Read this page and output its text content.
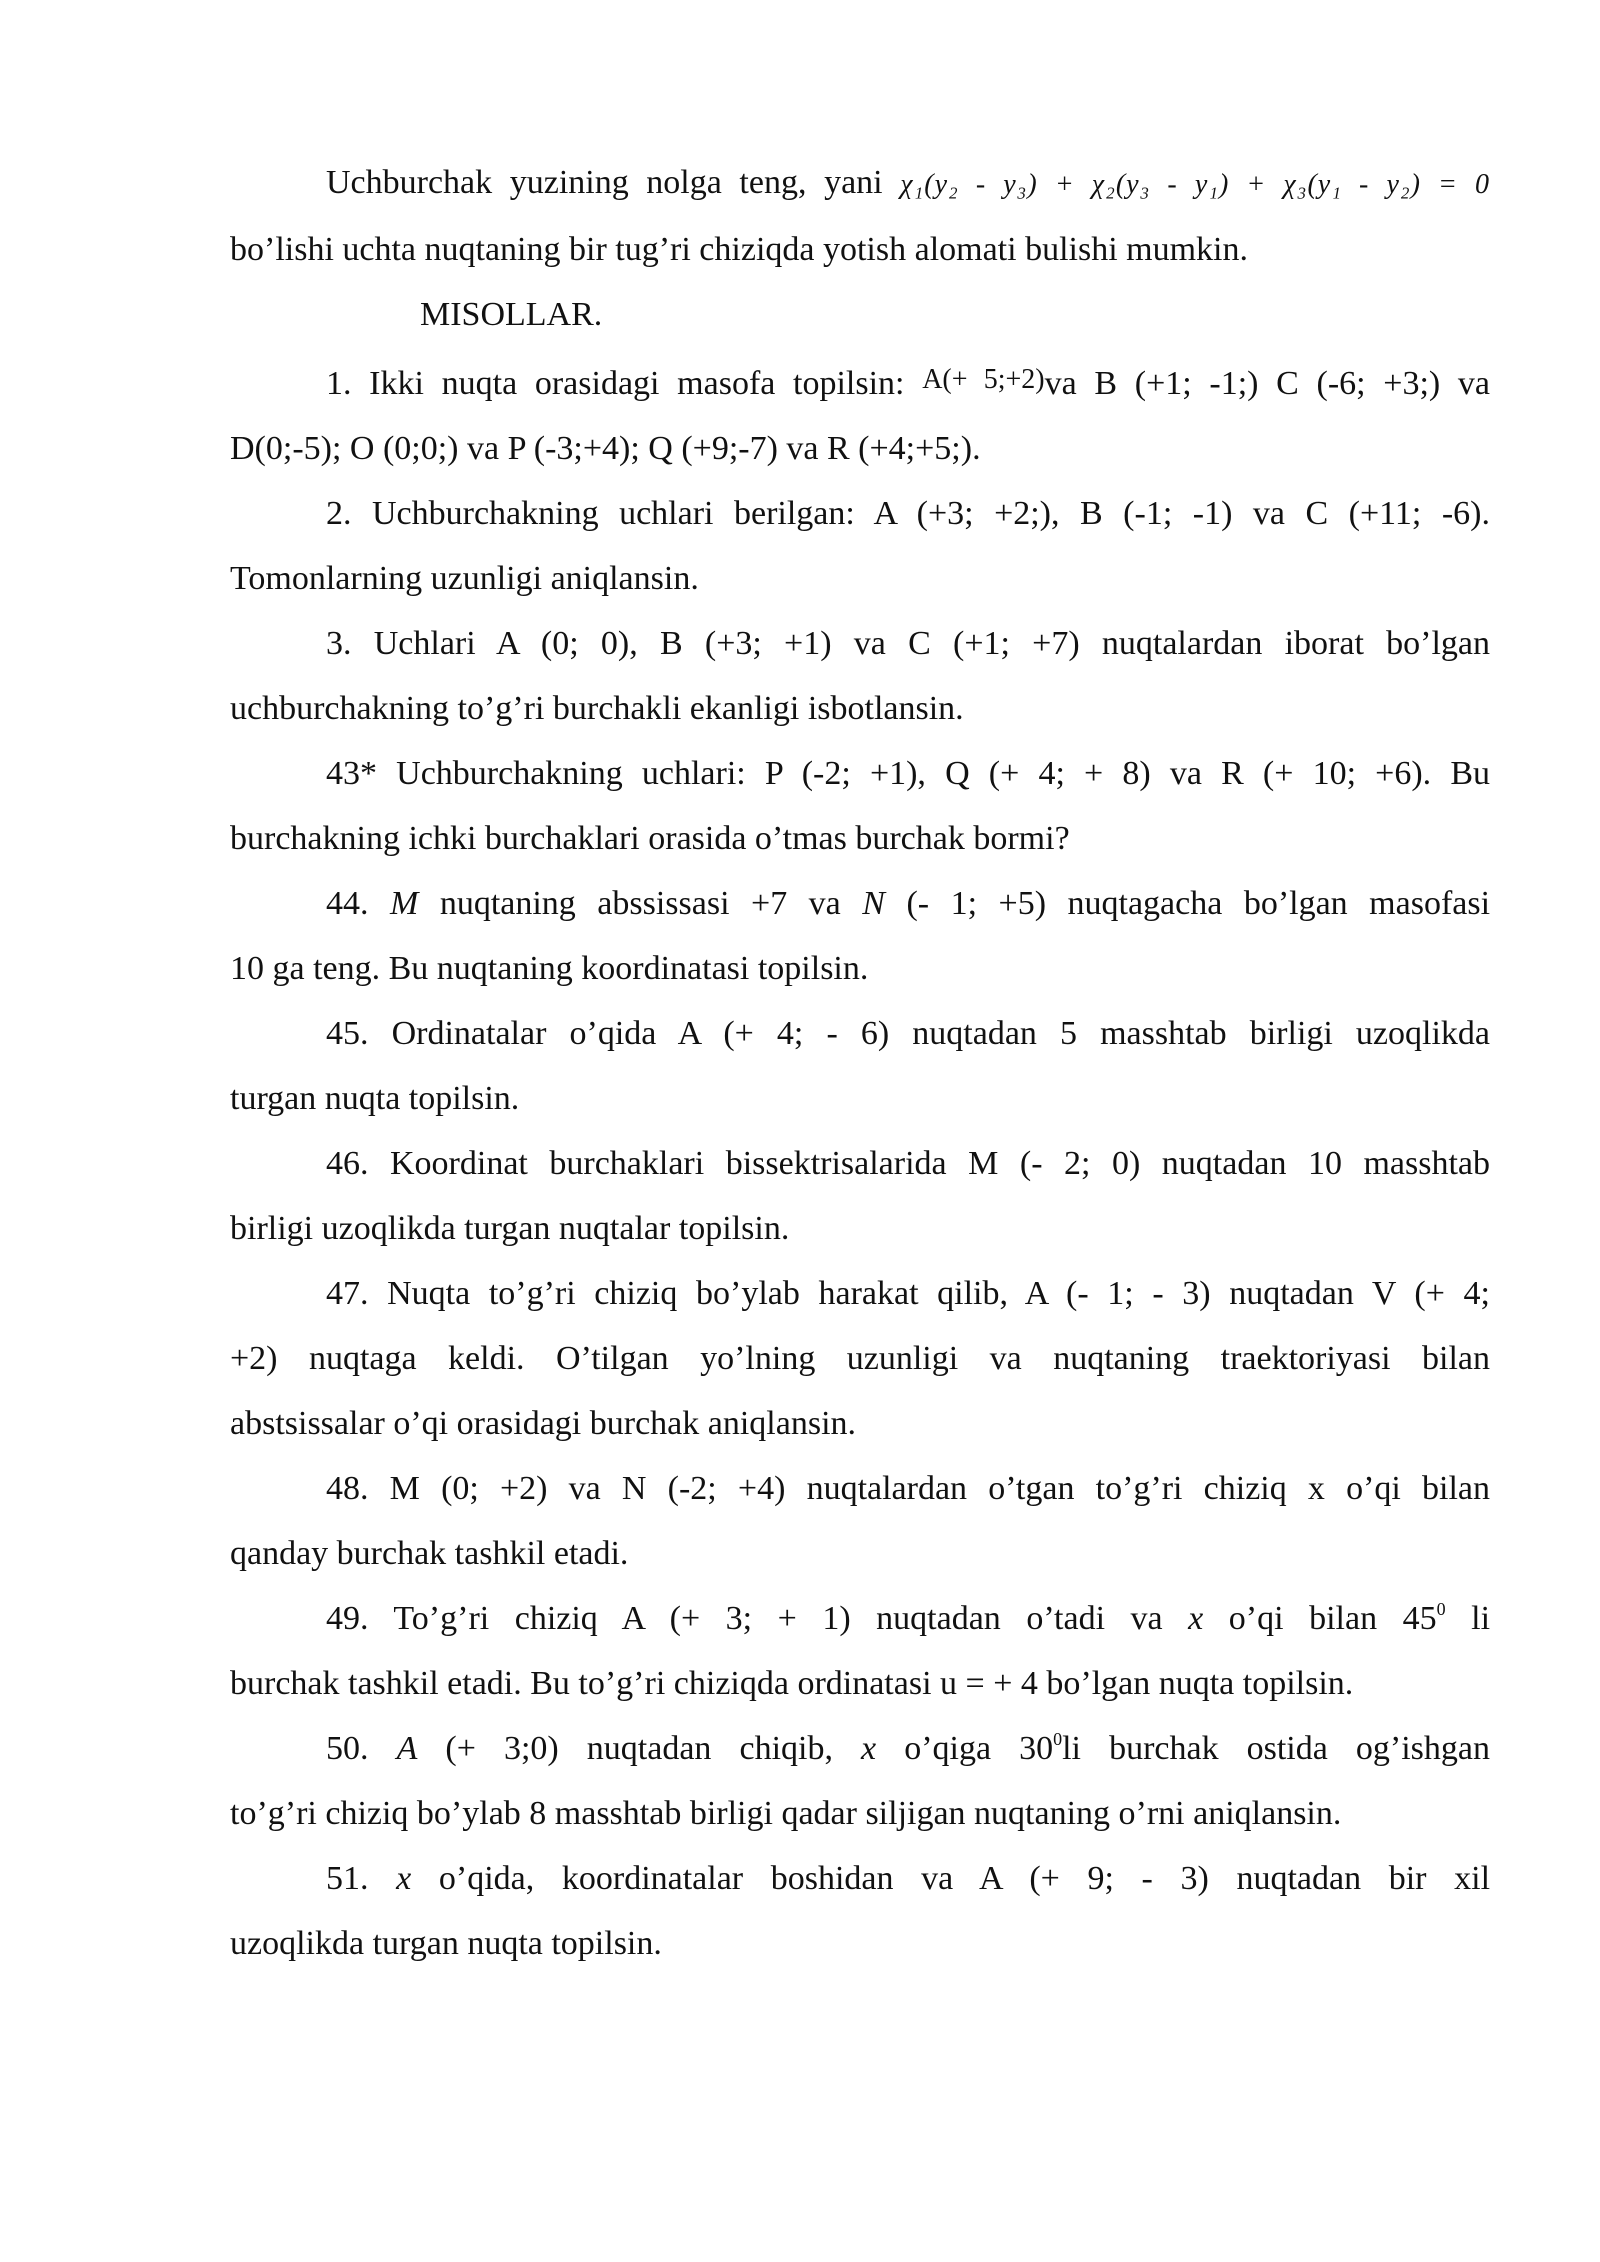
Uchburchak yuzining nolga teng, yani χ₁(y₂ - y₃) + χ₂(y₃ - y₁) + χ₃(y₁ - y₂) = 0
bo’lishi uchta nuqtaning bir tug’ri chiziqda yotish alomati bulishi mumkin.
MISOLLAR.
1. Ikki nuqta orasidagi masofa topilsin: A(+ 5;+2)va B (+1; -1;) C (-6; +3;) va
D(0;-5); O (0;0;) va P (-3;+4); Q (+9;-7) va R (+4;+5;).
2. Uchburchakning uchlari berilgan: A (+3; +2;), B (-1; -1) va C (+11; -6).
Tomonlarning uzunligi aniqlansin.
3. Uchlari A (0; 0), B (+3; +1) va C (+1; +7) nuqtalardan iborat bo’lgan
uchburchakning to’g’ri burchakli ekanligi isbotlansin.
43* Uchburchakning uchlari: P (-2; +1), Q (+ 4; + 8) va R (+ 10; +6). Bu
burchakning ichki burchaklari orasida o’tmas burchak bormi?
44. M nuqtaning abssissasi +7 va N (- 1; +5) nuqtagacha bo’lgan masofasi
10 ga teng. Bu nuqtaning koordinatasi topilsin.
45. Ordinatalar o’qida A (+ 4; - 6) nuqtadan 5 masshtab birligi uzoqlikda
turgan nuqta topilsin.
46. Koordinat burchaklari bissektrisalarida M (- 2; 0) nuqtadan 10 masshtab
birligi uzoqlikda turgan nuqtalar topilsin.
47. Nuqta to’g’ri chiziq bo’ylab harakat qilib, A (- 1; - 3) nuqtadan V (+ 4;
+2) nuqtaga keldi. O’tilgan yo’lning uzunligi va nuqtaning traektoriyasi bilan
abstsissalar o’qi orasidagi burchak aniqlansin.
48. M (0; +2) va N (-2; +4) nuqtalardan o’tgan to’g’ri chiziq x o’qi bilan
qanday burchak tashkil etadi.
49. To’g’ri chiziq A (+ 3; + 1) nuqtadan o’tadi va x o’qi bilan $45^0$ li
burchak tashkil etadi. Bu to’g’ri chiziqda ordinatasi u = + 4 bo’lgan nuqta topilsin.
50. A (+ 3;0) nuqtadan chiqib, x o’qiga $30^0li$ burchak ostida og’ishgan
to’g’ri chiziq bo’ylab 8 masshtab birligi qadar siljigan nuqtaning o’rni aniqlansin.
51. x o’qida, koordinatalar boshidan va A (+ 9; - 3) nuqtadan bir xil
uzoqlikda turgan nuqta topilsin.
